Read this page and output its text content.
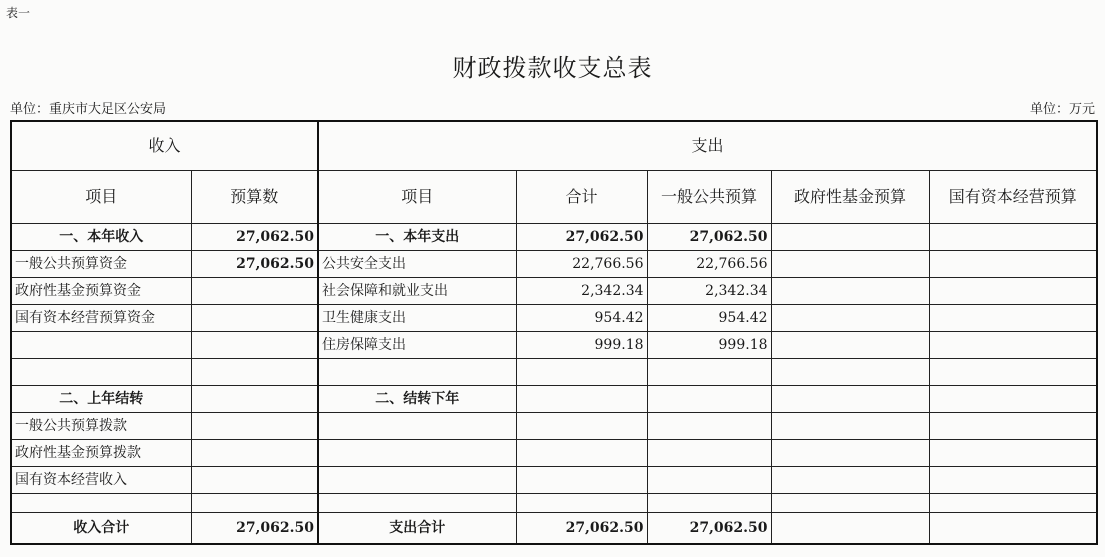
表一
财政拨款收支总表
单位：重庆市大足区公安局	单位：万元
收入		支出				
项目	预算数	项目	合计	一般公共预算	政府性基金预算	国有资本经营预算
一、本年收入	27,062.50	一、本年支出	27,062.50	27,062.50		
一般公共预算资金	27,062.50	公共安全支出	22,766.56	22,766.56		
政府性基金预算资金		社会保障和就业支出	2,342.34	2,342.34		
国有资本经营预算资金		卫生健康支出	954.42	954.42		
		住房保障支出	999.18	999.18		

二、上年结转		二、结转下年				
一般公共预算拨款						
政府性基金预算拨款						
国有资本经营收入						

收入合计	27,062.50	支出合计	27,062.50	27,062.50		
